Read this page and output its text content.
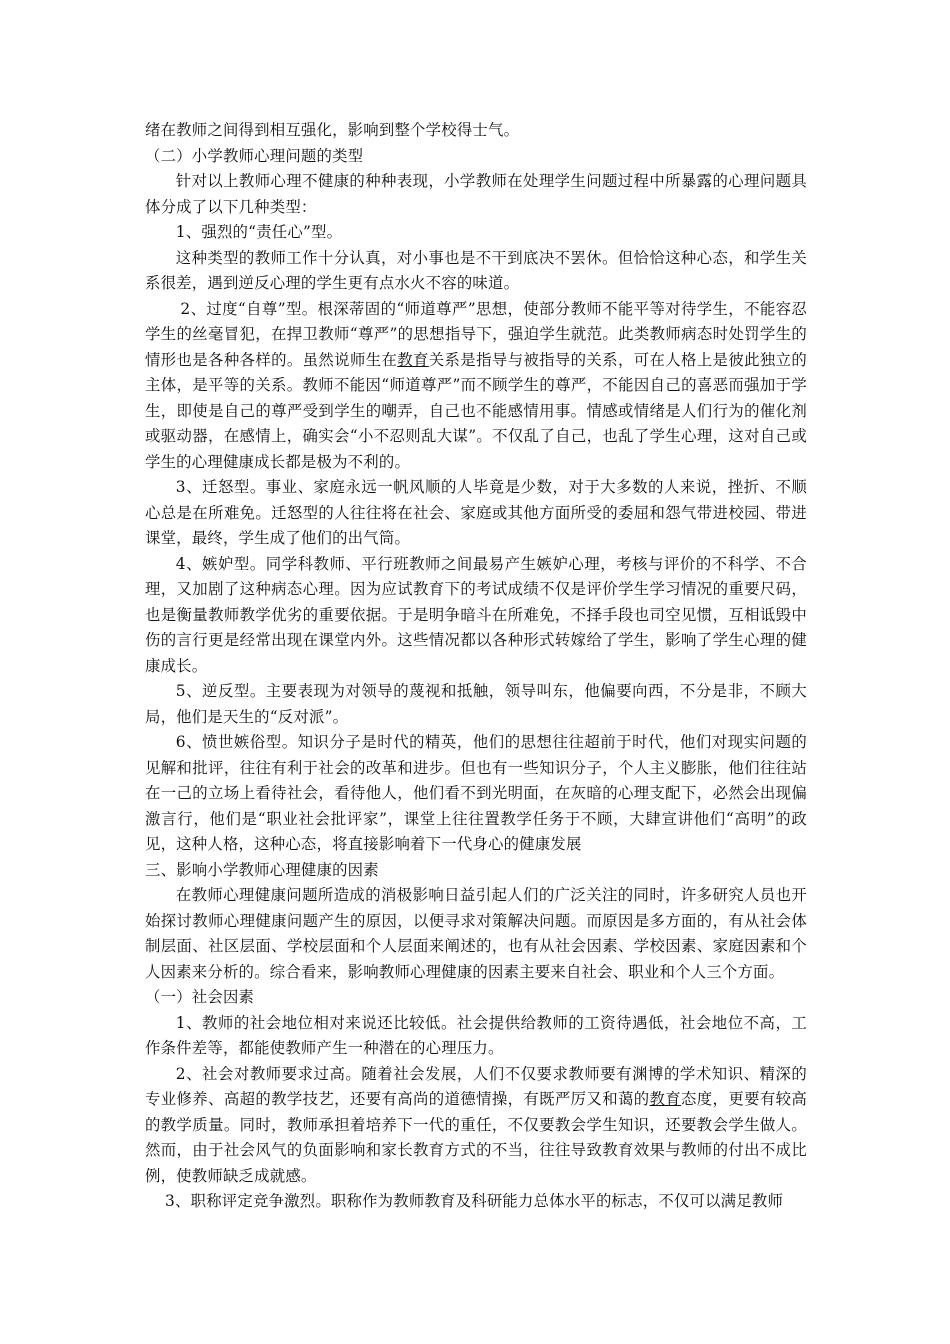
绪在教师之间得到相互强化，影响到整个学校得士气。

（二）小学教师心理问题的类型

针对以上教师心理不健康的种种表现，小学教师在处理学生问题过程中所暴露的心理问题具体分成了以下几种类型：

1、强烈的“责任心”型。

这种类型的教师工作十分认真，对小事也是不干到底决不罢休。但恰恰这种心态，和学生关系很差，遇到逆反心理的学生更有点水火不容的味道。

2、过度“自尊”型。根深蒂固的“师道尊严”思想，使部分教师不能平等对待学生，不能容忍学生的丝毫冒犯，在捍卫教师“尊严”的思想指导下，强迫学生就范。此类教师病态时处罚学生的情形也是各种各样的。虽然说师生在教育关系是指导与被指导的关系，可在人格上是彼此独立的主体，是平等的关系。教师不能因“师道尊严”而不顾学生的尊严，不能因自己的喜恶而强加于学生，即使是自己的尊严受到学生的嘲弄，自己也不能感情用事。情感或情绪是人们行为的催化剂或驱动器，在感情上，确实会“小不忍则乱大谋”。不仅乱了自己，也乱了学生心理，这对自己或学生的心理健康成长都是极为不利的。

3、迁怒型。事业、家庭永远一帆风顺的人毕竟是少数，对于大多数的人来说，挫折、不顺心总是在所难免。迁怒型的人往往将在社会、家庭或其他方面所受的委屈和怨气带进校园、带进课堂，最终，学生成了他们的出气筒。

4、嫉妒型。同学科教师、平行班教师之间最易产生嫉妒心理，考核与评价的不科学、不合理，又加剧了这种病态心理。因为应试教育下的考试成绩不仅是评价学生学习情况的重要尺码，也是衡量教师教学优劣的重要依据。于是明争暗斗在所难免，不择手段也司空见惯，互相诋毁中伤的言行更是经常出现在课堂内外。这些情况都以各种形式转嫁给了学生，影响了学生心理的健康成长。

5、逆反型。主要表现为对领导的蔑视和抵触，领导叫东，他偏要向西，不分是非，不顾大局，他们是天生的“反对派”。

6、愤世嫉俗型。知识分子是时代的精英，他们的思想往往超前于时代，他们对现实问题的见解和批评，往往有利于社会的改革和进步。但也有一些知识分子，个人主义膨胀，他们往往站在一己的立场上看待社会，看待他人，他们看不到光明面，在灰暗的心理支配下，必然会出现偏激言行，他们是“职业社会批评家”，课堂上往往置教学任务于不顾，大肆宣讲他们“高明”的政见，这种人格，这种心态，将直接影响着下一代身心的健康发展

三、影响小学教师心理健康的因素

在教师心理健康问题所造成的消极影响日益引起人们的广泛关注的同时，许多研究人员也开始探讨教师心理健康问题产生的原因，以便寻求对策解决问题。而原因是多方面的，有从社会体制层面、社区层面、学校层面和个人层面来阐述的，也有从社会因素、学校因素、家庭因素和个人因素来分析的。综合看来，影响教师心理健康的因素主要来自社会、职业和个人三个方面。

（一）社会因素

1、教师的社会地位相对来说还比较低。社会提供给教师的工资待遇低，社会地位不高，工作条件差等，都能使教师产生一种潜在的心理压力。

2、社会对教师要求过高。随着社会发展，人们不仅要求教师要有渊博的学术知识、精深的专业修养、高超的教学技艺，还要有高尚的道德情操，有既严厉又和蔼的教育态度，更要有较高的教学质量。同时，教师承担着培养下一代的重任，不仅要教会学生知识，还要教会学生做人。然而，由于社会风气的负面影响和家长教育方式的不当，往往导致教育效果与教师的付出不成比例，使教师缺乏成就感。

3、职称评定竞争激烈。职称作为教师教育及科研能力总体水平的标志，不仅可以满足教师
